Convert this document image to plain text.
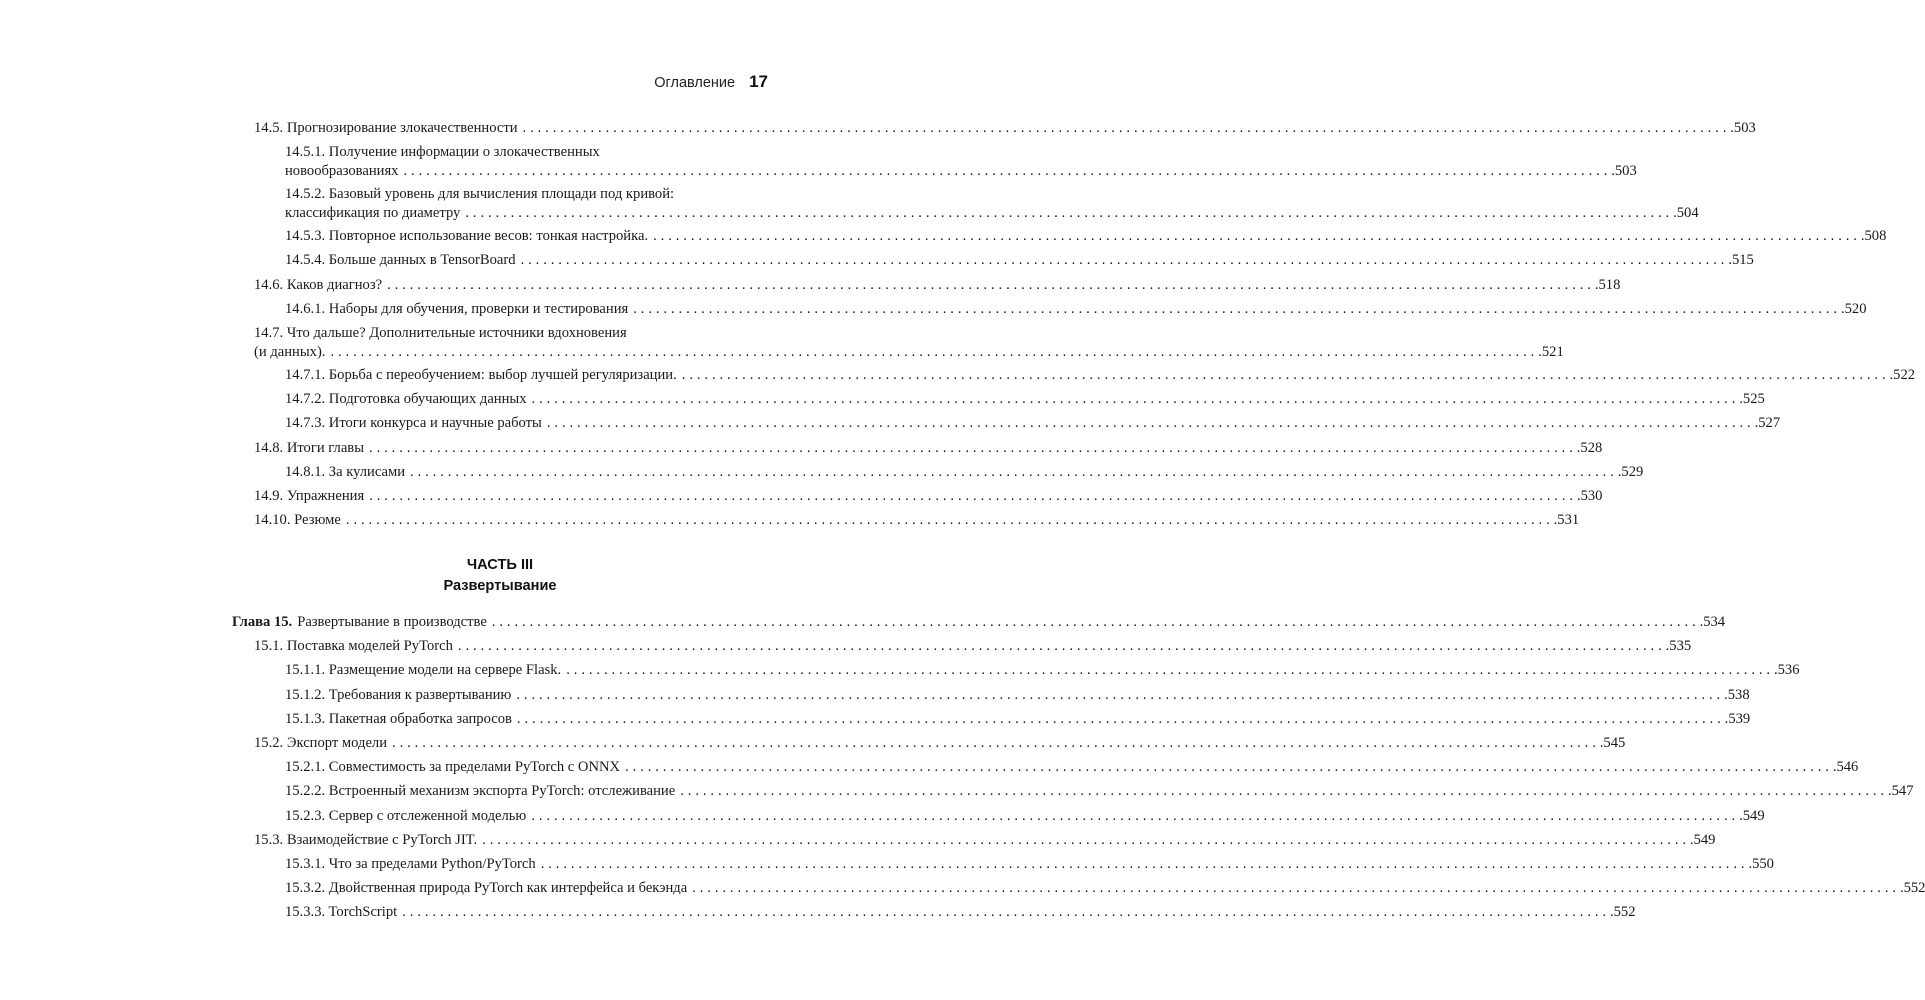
Оглавление 17
14.5. Прогнозирование злокачественности ................................................................................................................................................................ .503
14.5.1. Получение информации о злокачественных
новообразованиях ................................................................................................................................................................ .503
14.5.2. Базовый уровень для вычисления площади под кривой:
классификация по диаметру ................................................................................................................................................................ .504
14.5.3. Повторное использование весов: тонкая настройка. ................................................................................................................................................................ .508
14.5.4. Больше данных в TensorBoard ................................................................................................................................................................ .515
14.6. Каков диагноз? ................................................................................................................................................................ .518
14.6.1. Наборы для обучения, проверки и тестирования ................................................................................................................................................................ .520
14.7. Что дальше? Дополнительные источники вдохновения
(и данных). ................................................................................................................................................................ .521
14.7.1. Борьба с переобучением: выбор лучшей регуляризации. ................................................................................................................................................................ .522
14.7.2. Подготовка обучающих данных ................................................................................................................................................................ .525
14.7.3. Итоги конкурса и научные работы ................................................................................................................................................................ .527
14.8. Итоги главы ................................................................................................................................................................ .528
14.8.1. За кулисами ................................................................................................................................................................ .529
14.9. Упражнения ................................................................................................................................................................ .530
14.10. Резюме ................................................................................................................................................................ .531
ЧАСТЬ III
Развертывание
Глава 15. Развертывание в производстве ................................................................................................................................................................ .534
15.1. Поставка моделей PyTorch ................................................................................................................................................................ .535
15.1.1. Размещение модели на сервере Flask. ................................................................................................................................................................ .536
15.1.2. Требования к развертыванию ................................................................................................................................................................ .538
15.1.3. Пакетная обработка запросов ................................................................................................................................................................ .539
15.2. Экспорт модели ................................................................................................................................................................ .545
15.2.1. Совместимость за пределами PyTorch с ONNX ................................................................................................................................................................ .546
15.2.2. Встроенный механизм экспорта PyTorch: отслеживание ................................................................................................................................................................ .547
15.2.3. Сервер с отслеженной моделью ................................................................................................................................................................ .549
15.3. Взаимодействие с PyTorch JIT. ................................................................................................................................................................ .549
15.3.1. Что за пределами Python/PyTorch ................................................................................................................................................................ .550
15.3.2. Двойственная природа PyTorch как интерфейса и бекэнда ................................................................................................................................................................ .552
15.3.3. TorchScript ................................................................................................................................................................ .552
